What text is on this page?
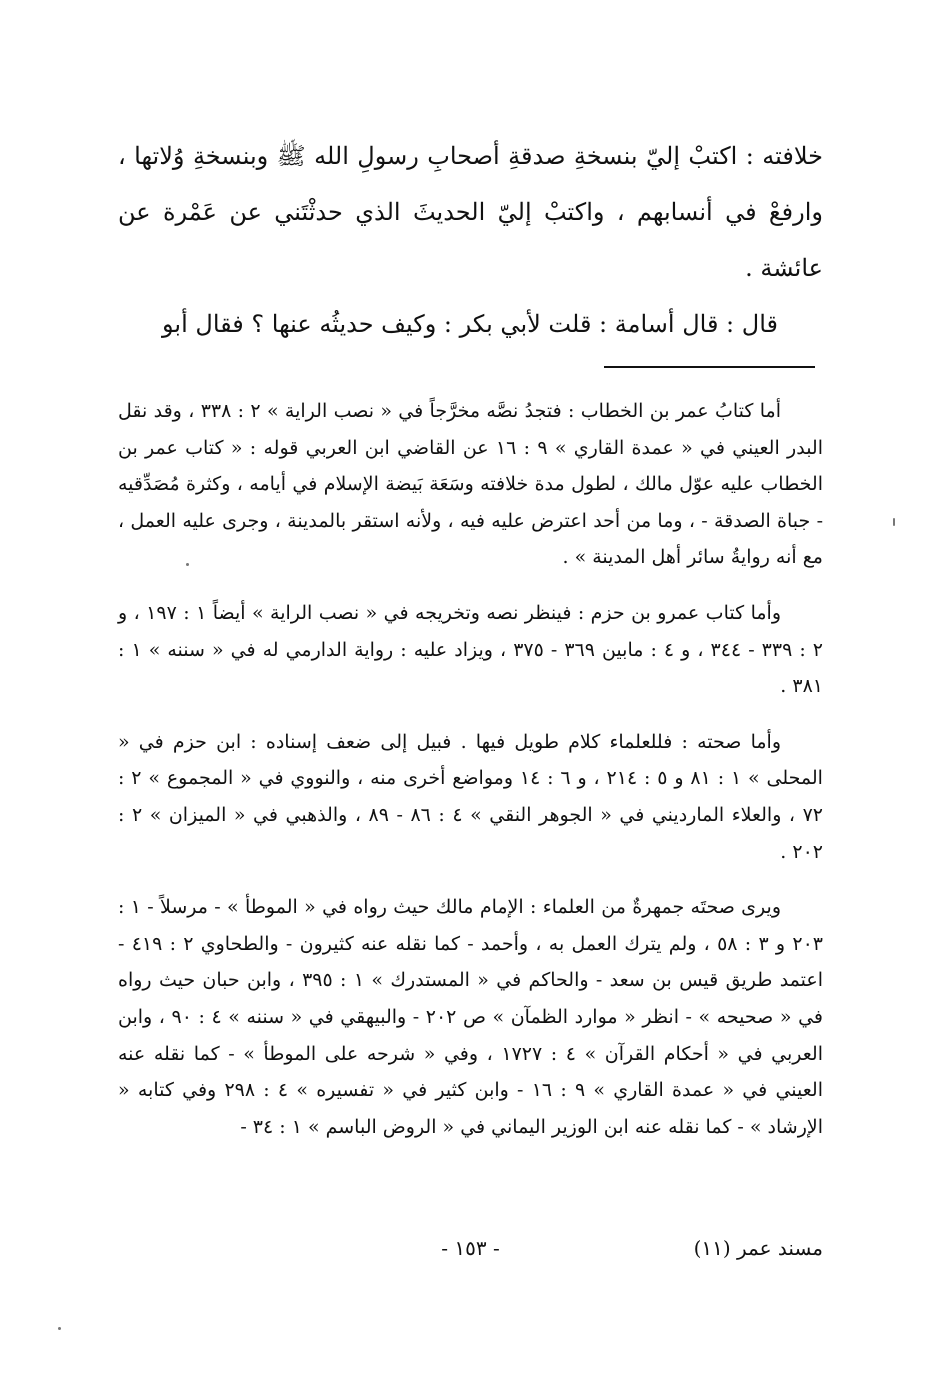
خلافته : اكتبْ إليّ بنسخةِ صدقةِ أصحابِ رسولِ الله ﷺ وبنسخةِ وُلاتها ، وارفعْ في أنسابهم ، واكتبْ إليّ الحديثَ الذي حدثْتَني عن عَمْرة عن عائشة .

قال : قال أسامة : قلت لأبي بكر : وكيف حديثُه عنها ؟ فقال أبو

أما كتابُ عمر بن الخطاب : فتجدُ نصَّه مخرَّجاً في « نصب الراية » ٢ : ٣٣٨ ، وقد نقل البدر العيني في « عمدة القاري » ٩ : ١٦ عن القاضي ابن العربي قوله : « كتاب عمر بن الخطاب عليه عوّل مالك ، لطول مدة خلافته وسَعَة بَيضة الإسلام في أيامه ، وكثرة مُصَدِّقيه - جباة الصدقة - ، وما من أحد اعترض عليه فيه ، ولأنه استقر بالمدينة ، وجرى عليه العمل ، مع أنه روايةُ سائر أهل المدينة » .

وأما كتاب عمرو بن حزم : فينظر نصه وتخريجه في « نصب الراية » أيضاً ١ : ١٩٧ ، و ٢ : ٣٣٩ - ٣٤٤ ، و ٤ : مابين ٣٦٩ - ٣٧٥ ، ويزاد عليه : رواية الدارمي له في « سننه » ١ : ٣٨١ .

وأما صحته : فللعلماء كلام طويل فيها . فبيل إلى ضعف إسناده : ابن حزم في « المحلى » ١ : ٨١ و ٥ : ٢١٤ ، و ٦ : ١٤ ومواضع أخرى منه ، والنووي في « المجموع » ٢ : ٧٢ ، والعلاء المارديني في « الجوهر النقي » ٤ : ٨٦ - ٨٩ ، والذهبي في « الميزان » ٢ : ٢٠٢ .

ويرى صحتَه جمهرةٌ من العلماء : الإمام مالك حيث رواه في « الموطأ » - مرسلاً - ١ : ٢٠٣ و ٣ : ٥٨ ، ولم يترك العمل به ، وأحمد - كما نقله عنه كثيرون - والطحاوي ٢ : ٤١٩ - اعتمد طريق قيس بن سعد - والحاكم في « المستدرك » ١ : ٣٩٥ ، وابن حبان حيث رواه في « صحيحه » - انظر « موارد الظمآن » ص ٢٠٢ - والبيهقي في « سننه » ٤ : ٩٠ ، وابن العربي في « أحكام القرآن » ٤ : ١٧٢٧ ، وفي « شرحه على الموطأ » - كما نقله عنه العيني في « عمدة القاري » ٩ : ١٦ - وابن كثير في « تفسيره » ٤ : ٢٩٨ وفي كتابه « الإرشاد » - كما نقله عنه ابن الوزير اليماني في « الروض الباسم » ١ : ٣٤ -

مسند عمر (١١)
- ١٥٣ -
